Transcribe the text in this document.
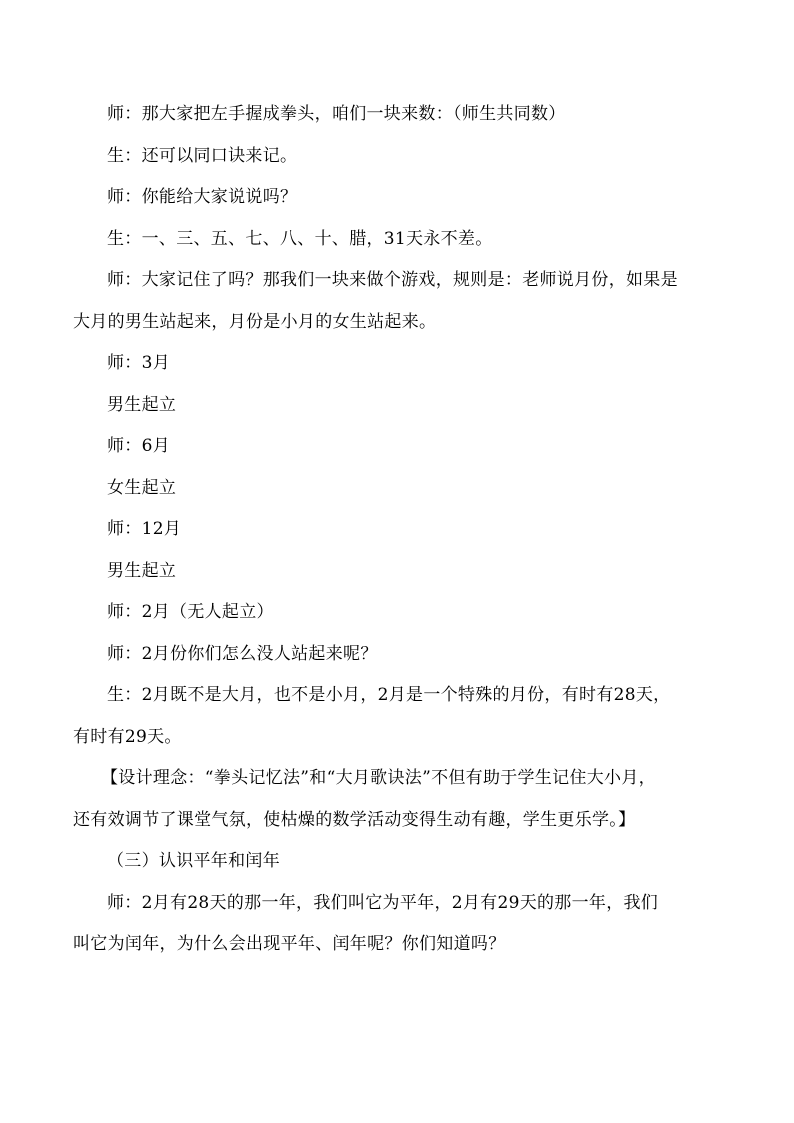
师：那大家把左手握成拳头，咱们一块来数：（师生共同数）

生：还可以同口诀来记。

师：你能给大家说说吗？

生：一、三、五、七、八、十、腊，31天永不差。

师：大家记住了吗？那我们一块来做个游戏，规则是：老师说月份，如果是

大月的男生站起来，月份是小月的女生站起来。

师：3月

男生起立

师：6月

女生起立

师：12月

男生起立

师：2月（无人起立）

师：2月份你们怎么没人站起来呢？

生：2月既不是大月，也不是小月，2月是一个特殊的月份，有时有28天，

有时有29天。

【设计理念：“拳头记忆法”和“大月歌诀法”不但有助于学生记住大小月，

还有效调节了课堂气氛，使枯燥的数学活动变得生动有趣，学生更乐学。】

（三）认识平年和闰年

师：2月有28天的那一年，我们叫它为平年，2月有29天的那一年，我们

叫它为闰年，为什么会出现平年、闰年呢？你们知道吗？
